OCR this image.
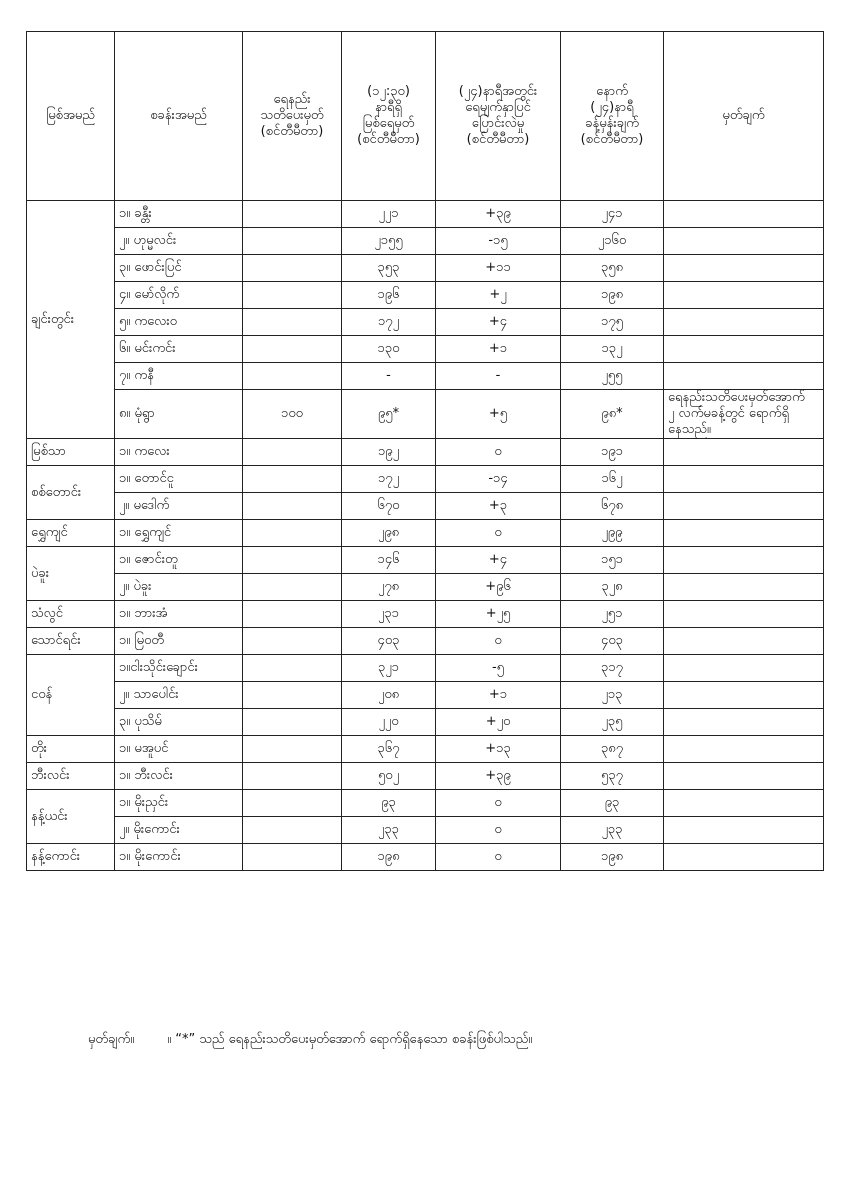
မြစ်အမည်	စခန်းအမည်	ရေနည်း
သတိပေးမှတ်
(စင်တီမီတာ)	(၁၂:၃၀)
နာရီရှိ
မြစ်ရေမှတ်
(စင်တီမီတာ)	(၂၄)နာရီအတွင်း
ရေမျက်နှာပြင်
ပြောင်းလဲမှု
(စင်တီမီတာ)	နောက်
(၂၄)နာရီ
ခန့်မှန်းချက်
(စင်တီမီတာ)	မှတ်ချက်
ချင်းတွင်း	၁။ ခန္တီး		၂၂၁	+၃၉	၂၄၁	
	၂။ ဟုမ္မလင်း		၂၁၅၅	-၁၅	၂၁၆၀	
	၃။ ဖောင်းပြင်		၃၅၃	+၁၁	၃၅၈	
	၄။ မော်လိုက်		၁၉၆	+၂	၁၉၈	
	၅။ ကလေးဝ		၁၇၂	+၄	၁၇၅	
	၆။ မင်းကင်း		၁၃၀	+၁	၁၃၂	
	၇။ ကနီ		-	-	၂၅၅	
	၈။ မုံရွာ	၁၀၀	၉၅*	+၅	၉၈*	ရေနည်းသတိပေးမှတ်အောက်
၂ လက်မခန့်တွင် ရောက်ရှိနေသည်။
မြစ်သာ	၁။ ကလေး		၁၉၂	၀	၁၉၁	
စစ်တောင်း	၁။ တောင်ငူ		၁၇၂	-၁၄	၁၆၂	
	၂။ မဒေါက်		၆၇၀	+၃	၆၇၈	
ရွှေကျင်	၁။ ရွှေကျင်		၂၉၈	၀	၂၉၉	
ပဲခူး	၁။ ဇောင်းတူ		၁၄၆	+၄	၁၅၁	
	၂။ ပဲခူး		၂၇၈	+၉၆	၃၂၈	
သံလွင်	၁။ ဘားအံ		၂၃၁	+၂၅	၂၅၁	
သောင်ရင်း	၁။ မြဝတီ		၄၀၃	၀	၄၀၃	
ငဝန်	၁။ငါးသိုင်းချောင်း		၃၂၁	-၅	၃၁၇	
	၂။ သာပေါင်း		၂၀၈	+၁	၂၁၃	
	၃။ ပုသိမ်		၂၂၀	+၂၀	၂၃၅	
တိုး	၁။ မအူပင်		၃၆၇	+၁၃	၃၈၇	
ဘီးလင်း	၁။ ဘီးလင်း		၅၀၂	+၃၉	၅၃၇	
နန့်ယင်း	၁။ မိုးညှင်း		၉၃	၀	၉၃	
	၂။ မိုးကောင်း		၂၃၃	၀	၂၃၃	
နန့်ကောင်း	၁။ မိုးကောင်း		၁၉၈	၀	၁၉၈	
မှတ်ချက်။        ။ “*” သည် ရေနည်းသတိပေးမှတ်အောက် ရောက်ရှိနေသော စခန်းဖြစ်ပါသည်။
